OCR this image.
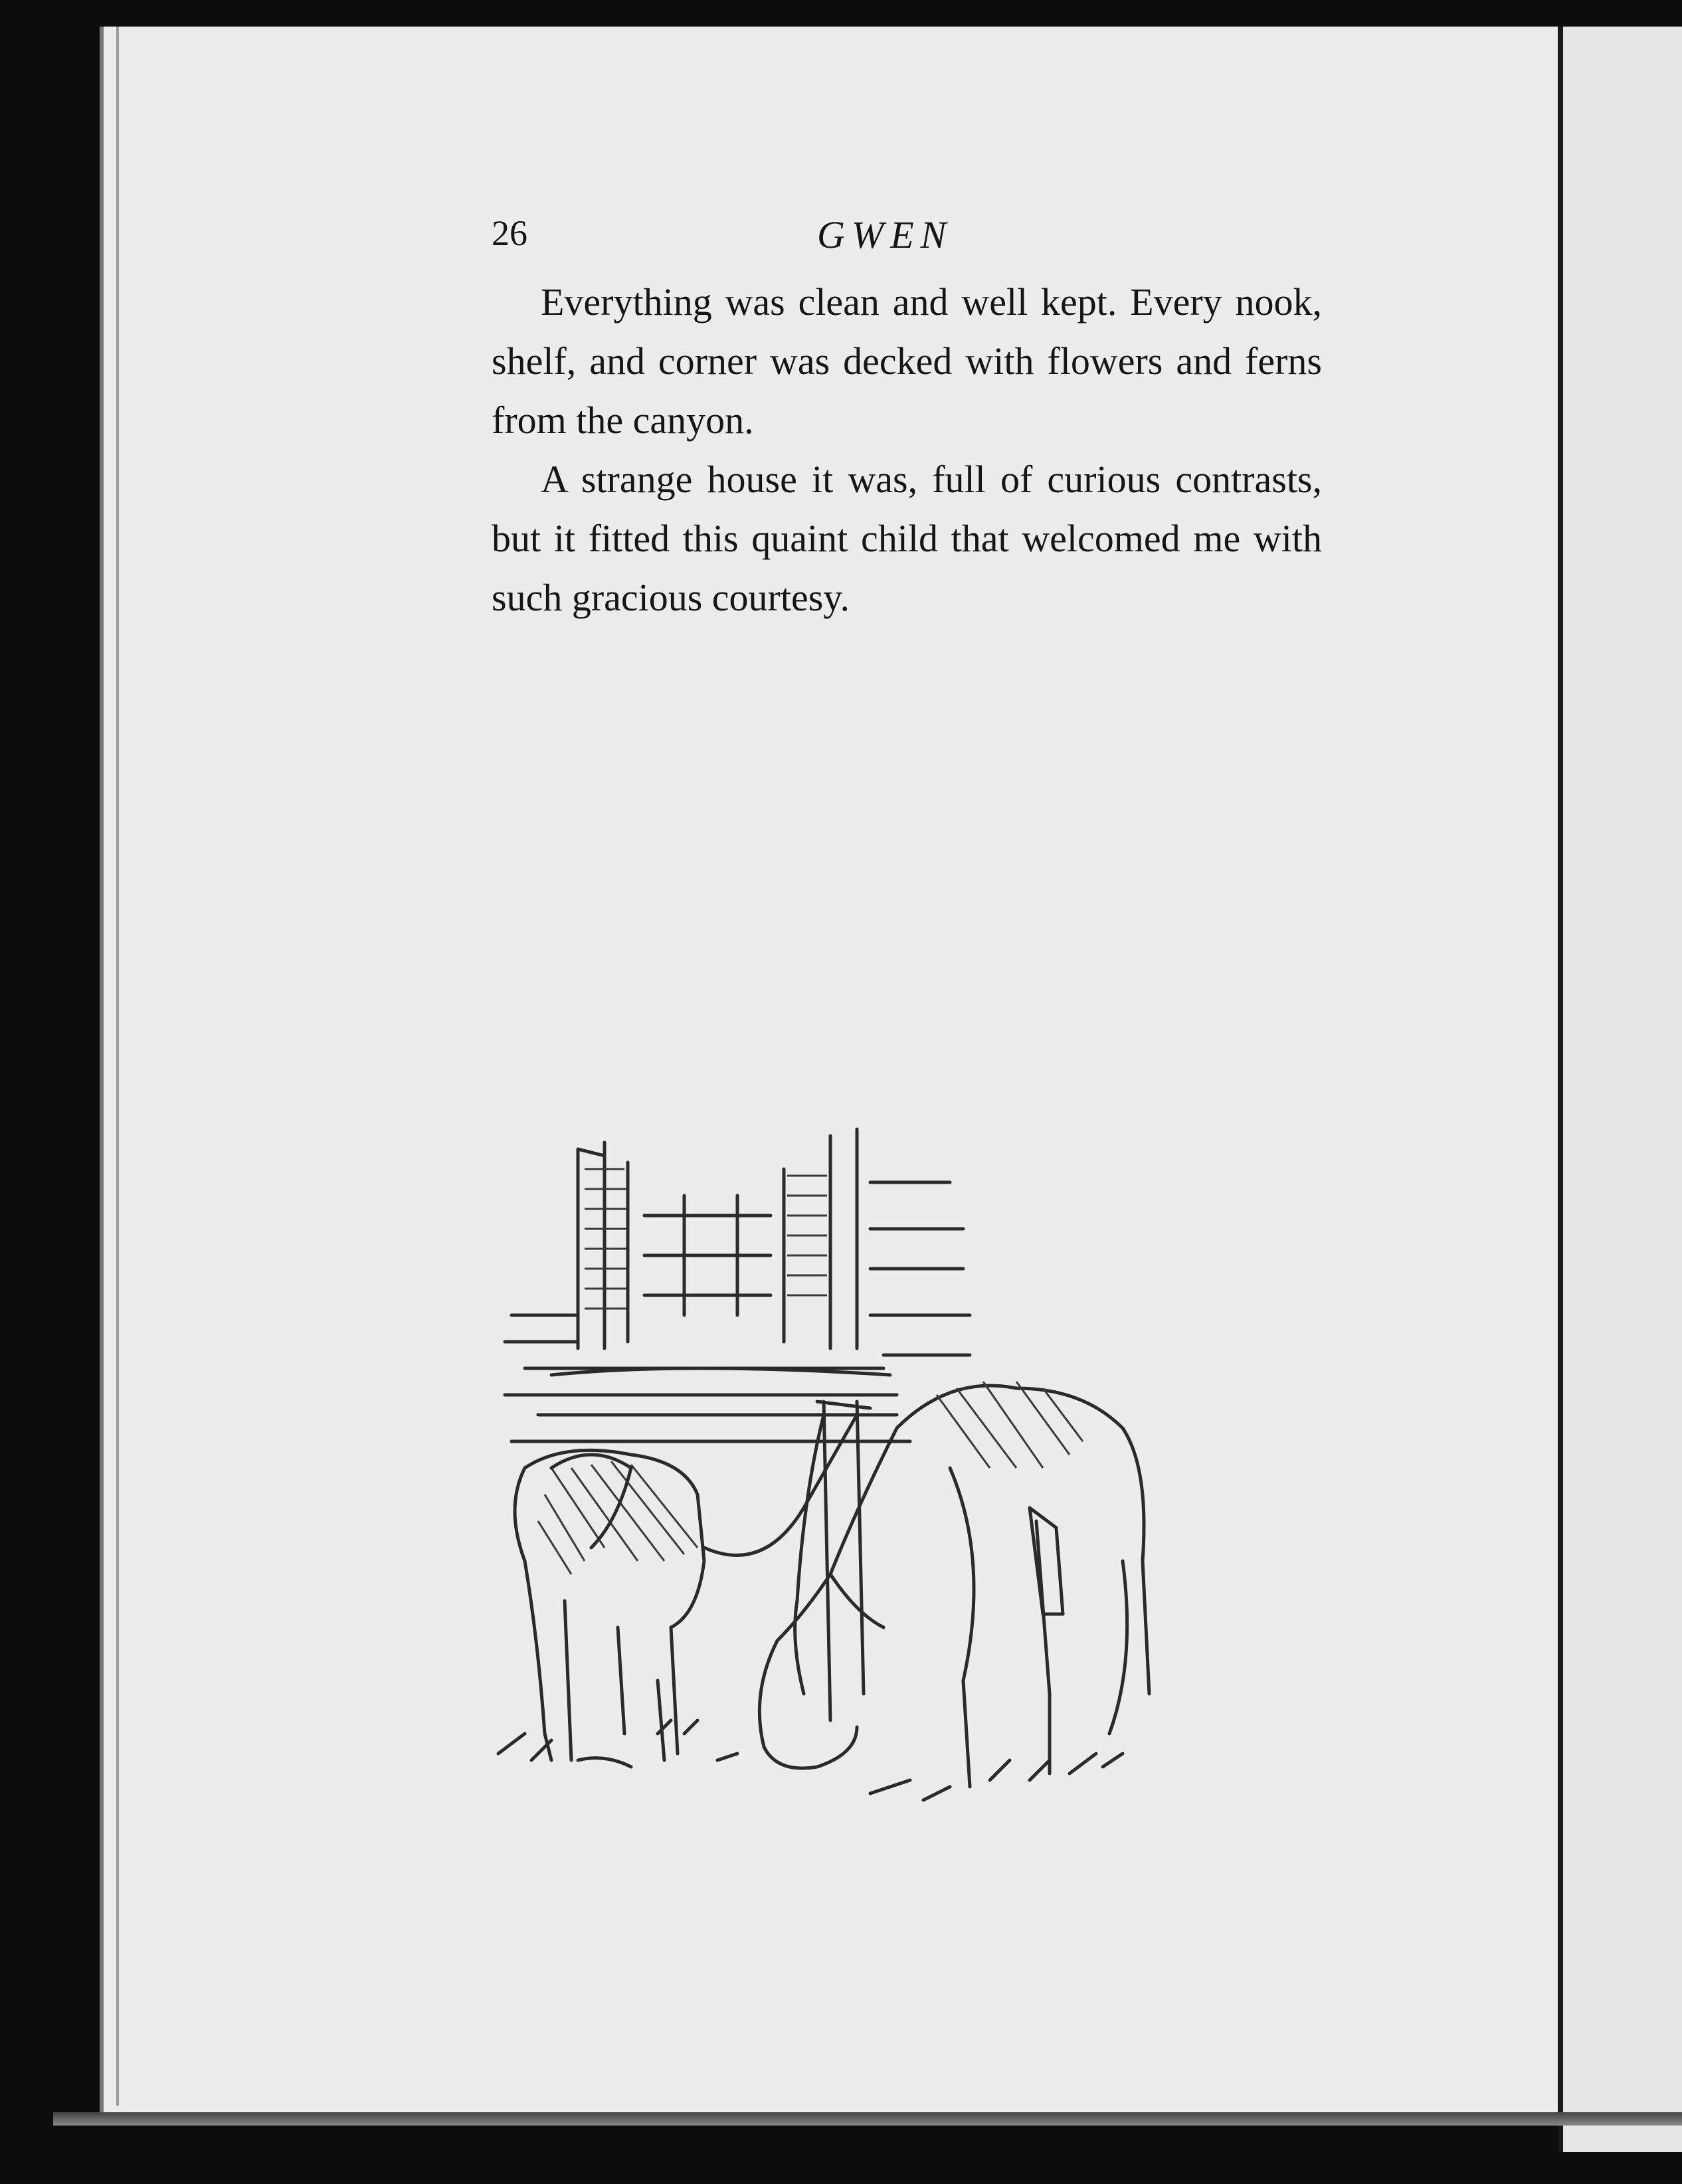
26	GWEN

Everything was clean and well kept. Every nook, shelf, and corner was decked with flowers and ferns from the canyon.

A strange house it was, full of curious contrasts, but it fitted this quaint child that welcomed me with such gracious courtesy.
